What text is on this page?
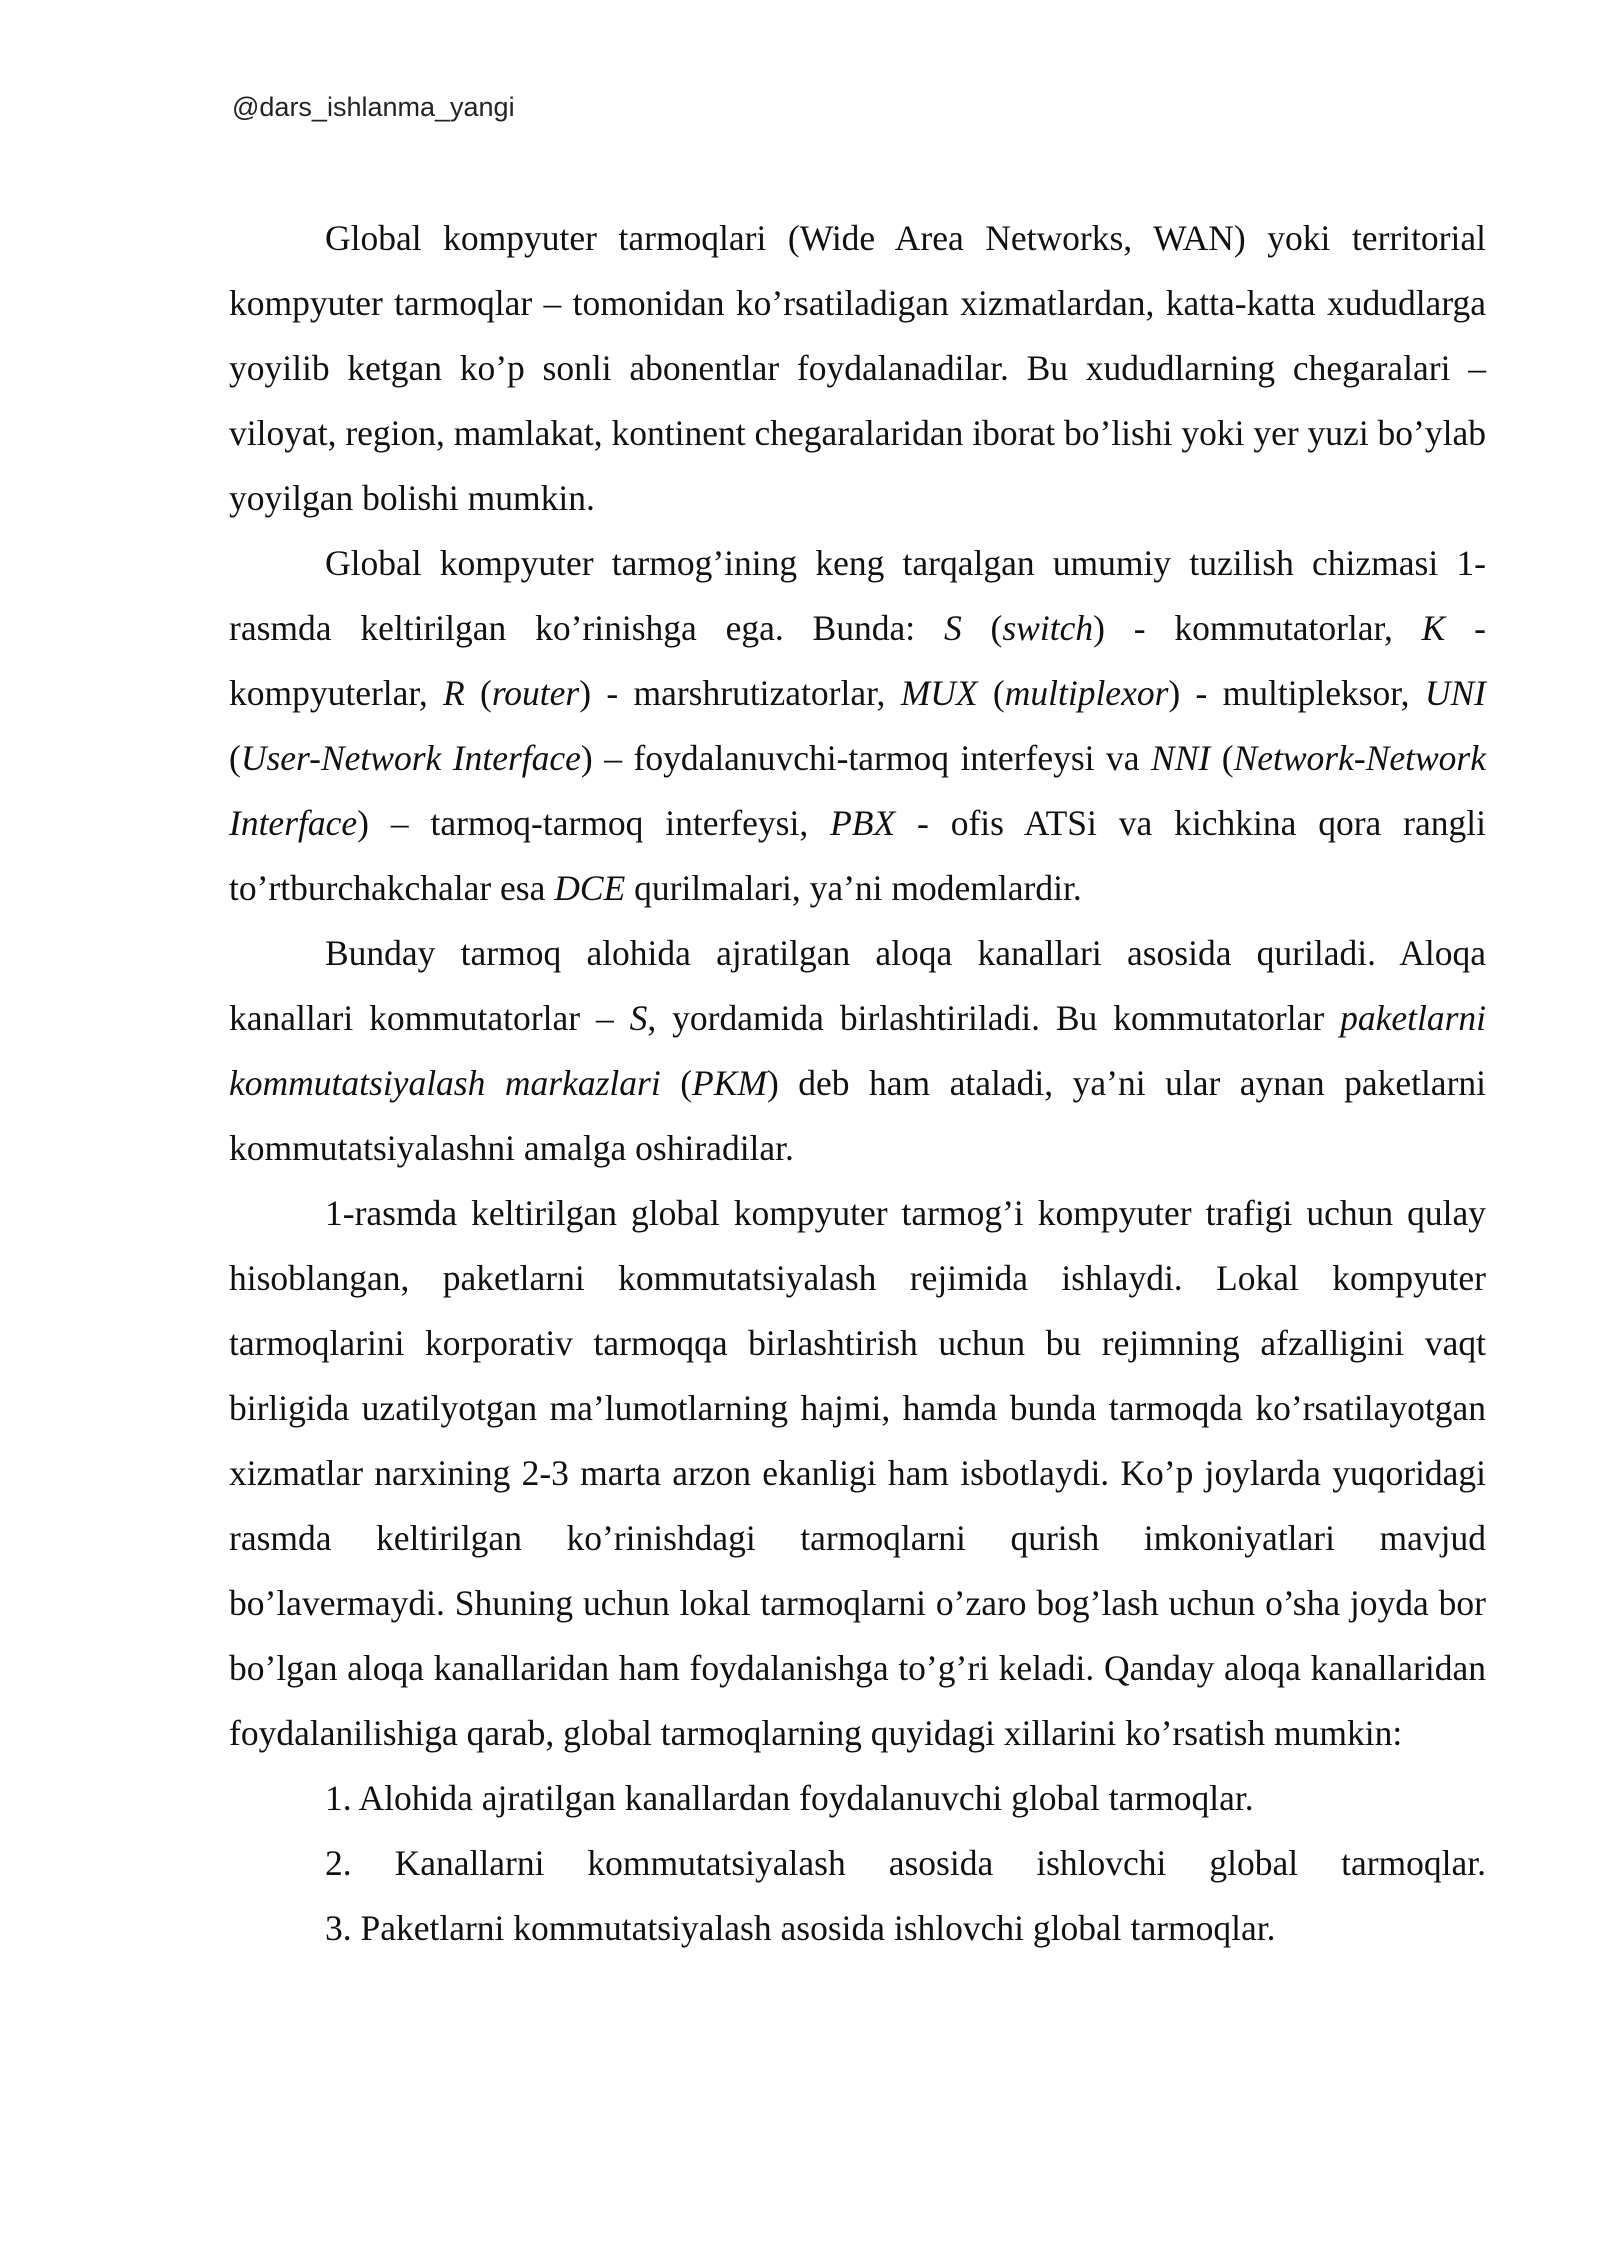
@dars_ishlanma_yangi

Global kompyuter tarmoqlari (Wide Area Networks, WAN) yoki territorial kompyuter tarmoqlar – tomonidan ko’rsatiladigan xizmatlardan, katta-katta xududlarga yoyilib ketgan ko’p sonli abonentlar foydalanadilar. Bu xududlarning chegaralari – viloyat, region, mamlakat, kontinent chegaralaridan iborat bo’lishi yoki yer yuzi bo’ylab yoyilgan bolishi mumkin.

Global kompyuter tarmog’ining keng tarqalgan umumiy tuzilish chizmasi 1-rasmda keltirilgan ko’rinishga ega. Bunda: S (switch) - kommutatorlar, K - kompyuterlar, R (router) - marshrutizatorlar, MUX (multiplexor) - multipleksor, UNI (User-Network Interface) – foydalanuvchi-tarmoq interfeysi va NNI (Network-Network Interface) – tarmoq-tarmoq interfeysi, PBX - ofis ATSi va kichkina qora rangli to’rtburchakchalar esa DCE qurilmalari, ya’ni modemlardir.

Bunday tarmoq alohida ajratilgan aloqa kanallari asosida quriladi. Aloqa kanallari kommutatorlar – S, yordamida birlashtiriladi. Bu kommutatorlar paketlarni kommutatsiyalash markazlari (PKM) deb ham ataladi, ya’ni ular aynan paketlarni kommutatsiyalashni amalga oshiradilar.

1-rasmda keltirilgan global kompyuter tarmog’i kompyuter trafigi uchun qulay hisoblangan, paketlarni kommutatsiyalash rejimida ishlaydi. Lokal kompyuter tarmoqlarini korporativ tarmoqqa birlashtirish uchun bu rejimning afzalligini vaqt birligida uzatilyotgan ma’lumotlarning hajmi, hamda bunda tarmoqda ko’rsatilayotgan xizmatlar narxining 2-3 marta arzon ekanligi ham isbotlaydi. Ko’p joylarda yuqoridagi rasmda keltirilgan ko’rinishdagi tarmoqlarni qurish imkoniyatlari mavjud bo’lavermaydi. Shuning uchun lokal tarmoqlarni o’zaro bog’lash uchun o’sha joyda bor bo’lgan aloqa kanallaridan ham foydalanishga to’g’ri keladi. Qanday aloqa kanallaridan foydalanilishiga qarab, global tarmoqlarning quyidagi xillarini ko’rsatish mumkin:

1. Alohida ajratilgan kanallardan foydalanuvchi global tarmoqlar.

2. Kanallarni kommutatsiyalash asosida ishlovchi global tarmoqlar.

3. Paketlarni kommutatsiyalash asosida ishlovchi global tarmoqlar.
